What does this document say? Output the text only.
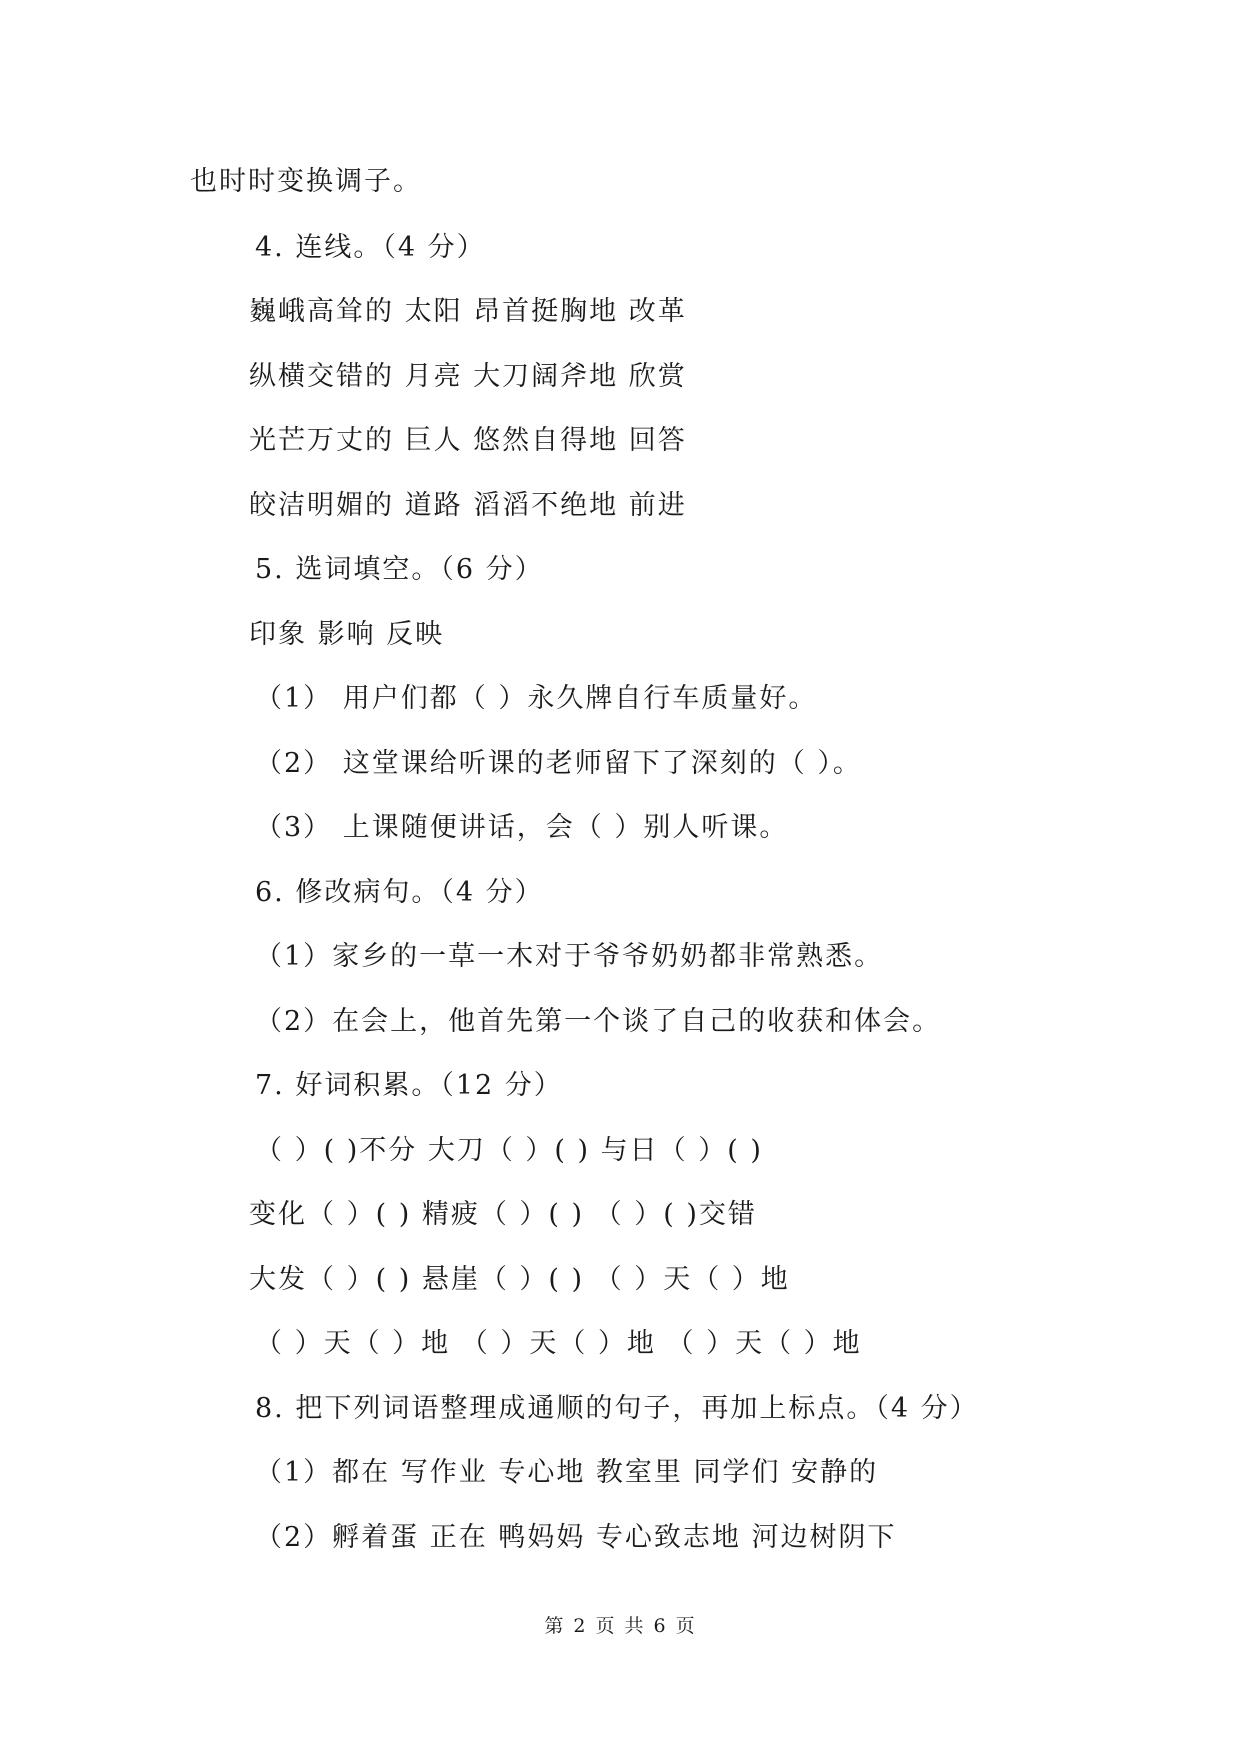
也时时变换调子。
4. 连线。（4 分）
巍峨高耸的 太阳 昂首挺胸地 改革
纵横交错的 月亮 大刀阔斧地 欣赏
光芒万丈的 巨人 悠然自得地 回答
皎洁明媚的 道路 滔滔不绝地 前进
5. 选词填空。（6 分）
印象 影响 反映
（1） 用户们都（ ）永久牌自行车质量好。
（2） 这堂课给听课的老师留下了深刻的（ ）。
（3） 上课随便讲话，会（ ）别人听课。
6. 修改病句。（4 分）
（1）家乡的一草一木对于爷爷奶奶都非常熟悉。
（2）在会上，他首先第一个谈了自己的收获和体会。
7. 好词积累。（12 分）
（ ）( )不分 大刀（ ）( ) 与日（ ）( )
变化（ ）( ) 精疲（ ）( ) （ ）( )交错
大发（ ）( ) 悬崖（ ）( ) （ ）天（ ）地
（ ）天（ ）地 （ ）天（ ）地 （ ）天（ ）地
8. 把下列词语整理成通顺的句子，再加上标点。（4 分）
（1）都在 写作业 专心地 教室里 同学们 安静的
（2）孵着蛋 正在 鸭妈妈 专心致志地 河边树阴下
第 2 页 共 6 页
